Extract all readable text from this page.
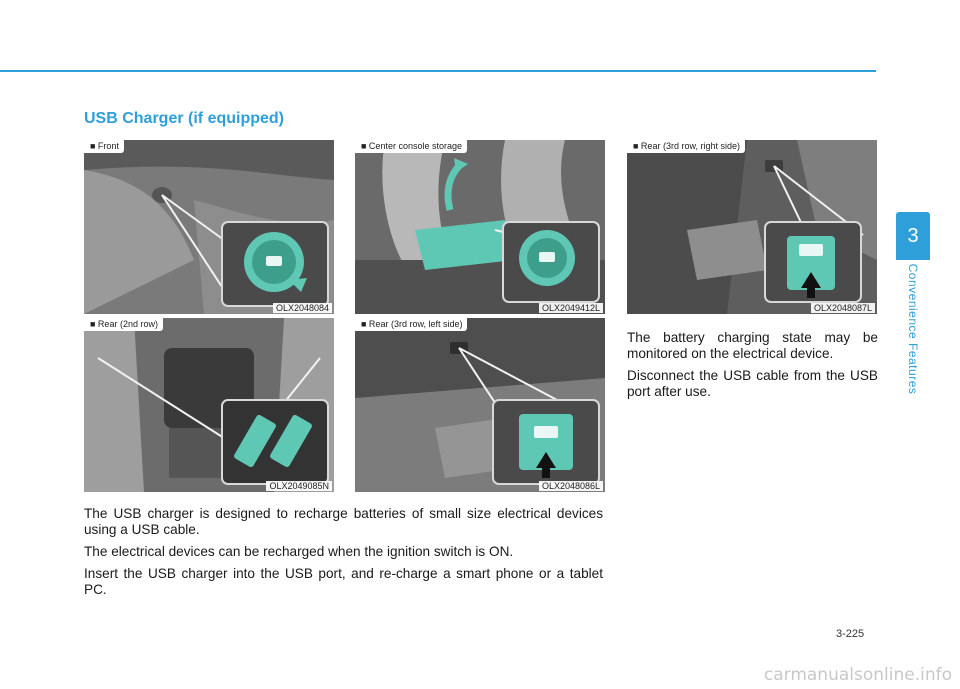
USB Charger (if equipped)
■ Front
OLX2048084
■ Center console storage
OLX2049412L
■ Rear (3rd row, right side)
OLX2048087L
■ Rear (2nd row)
OLX2049085N
■ Rear (3rd row, left side)
OLX2048086L

The USB charger is designed to recharge batteries of small size electrical devices using a USB cable.

The electrical devices can be recharged when the ignition switch is ON.

Insert the USB charger into the USB port, and re-charge a smart phone or a tablet PC.

The battery charging state may be monitored on the electrical device.

Disconnect the USB cable from the USB port after use.

3
Convenience Features
3-225
carmanualsonline.info
